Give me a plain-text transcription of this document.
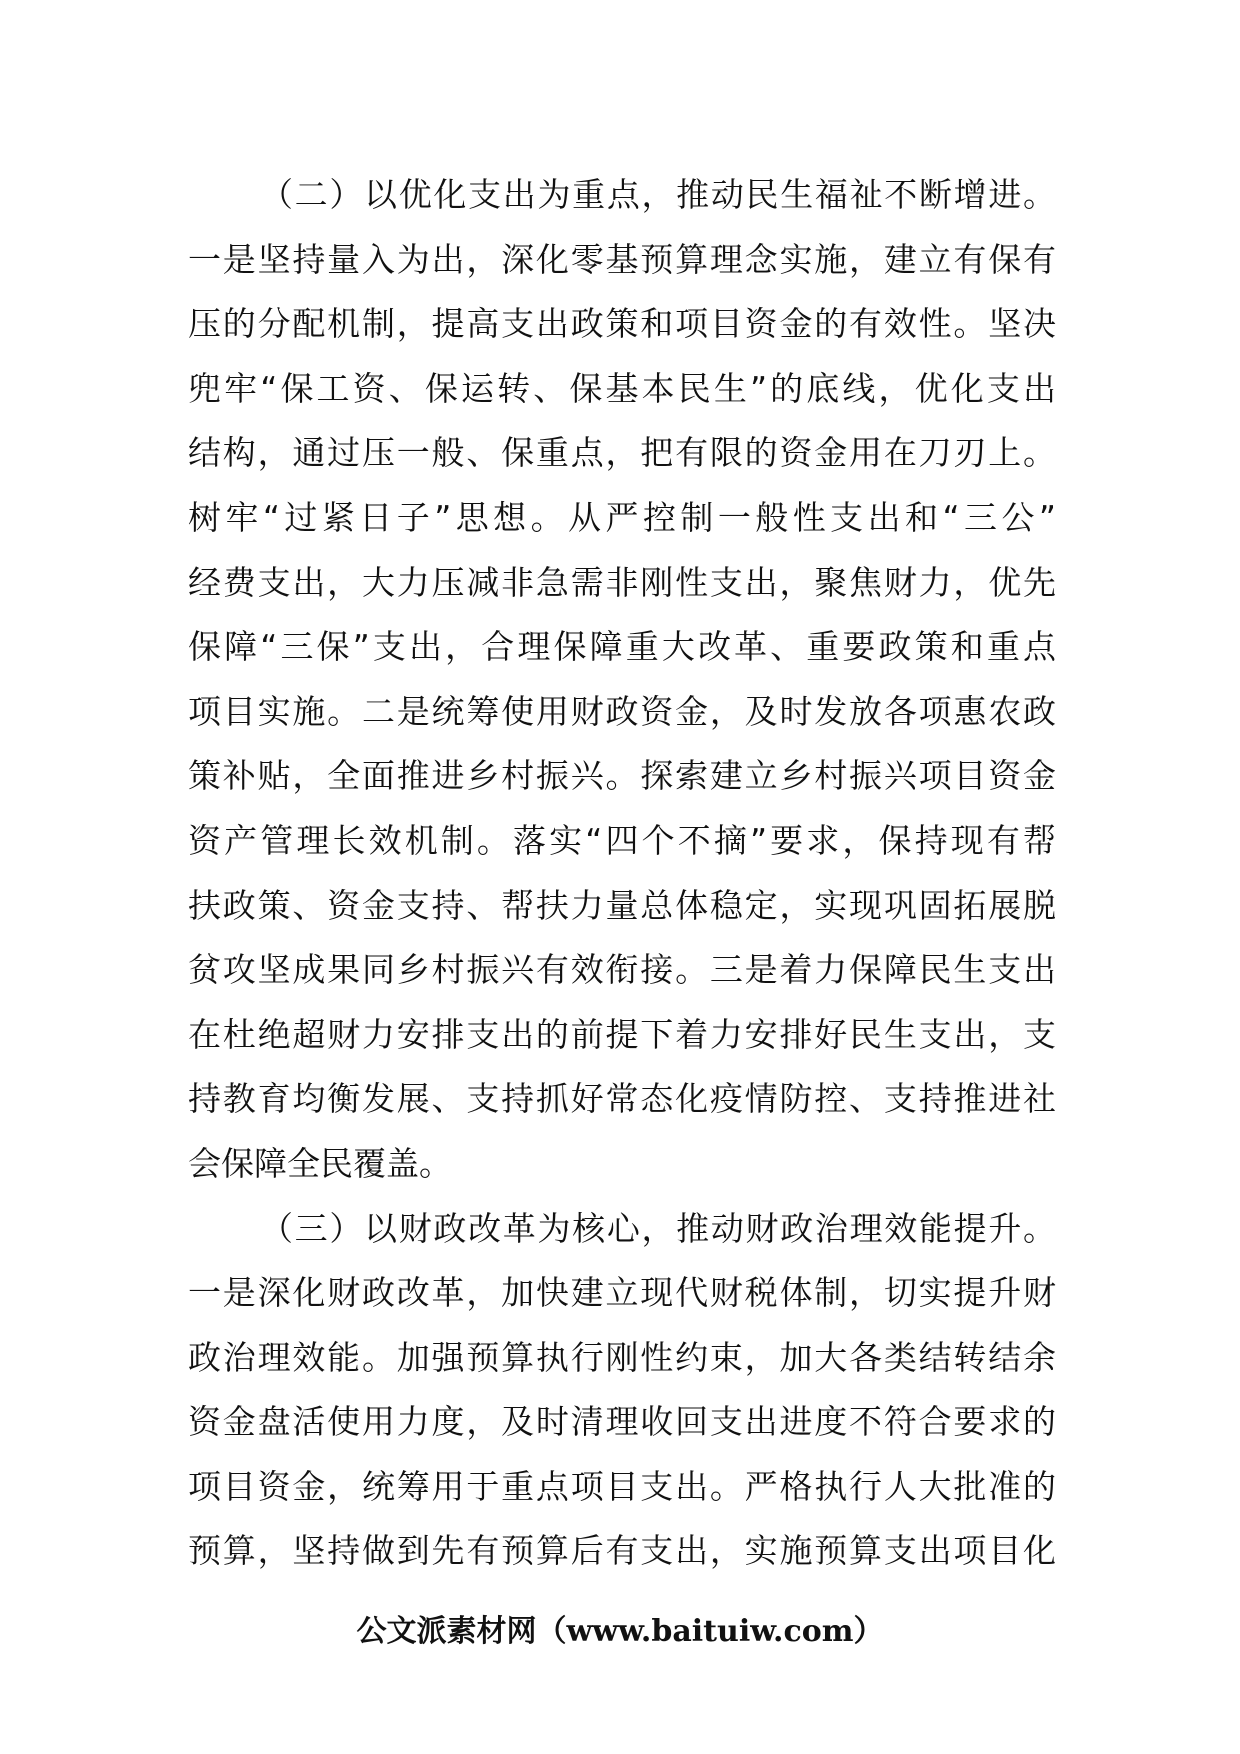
（二）以优化支出为重点，推动民生福祉不断增进。
一是坚持量入为出，深化零基预算理念实施，建立有保有
压的分配机制，提高支出政策和项目资金的有效性。坚决
兜牢“保工资、保运转、保基本民生”的底线，优化支出
结构，通过压一般、保重点，把有限的资金用在刀刃上。
树牢“过紧日子”思想。从严控制一般性支出和“三公”
经费支出，大力压减非急需非刚性支出，聚焦财力，优先
保障“三保”支出，合理保障重大改革、重要政策和重点
项目实施。二是统筹使用财政资金，及时发放各项惠农政
策补贴，全面推进乡村振兴。探索建立乡村振兴项目资金
资产管理长效机制。落实“四个不摘”要求，保持现有帮
扶政策、资金支持、帮扶力量总体稳定，实现巩固拓展脱
贫攻坚成果同乡村振兴有效衔接。三是着力保障民生支出
在杜绝超财力安排支出的前提下着力安排好民生支出，支
持教育均衡发展、支持抓好常态化疫情防控、支持推进社
会保障全民覆盖。
（三）以财政改革为核心，推动财政治理效能提升。
一是深化财政改革，加快建立现代财税体制，切实提升财
政治理效能。加强预算执行刚性约束，加大各类结转结余
资金盘活使用力度，及时清理收回支出进度不符合要求的
项目资金，统筹用于重点项目支出。严格执行人大批准的
预算，坚持做到先有预算后有支出，实施预算支出项目化
公文派素材网（www.baituiw.com）
